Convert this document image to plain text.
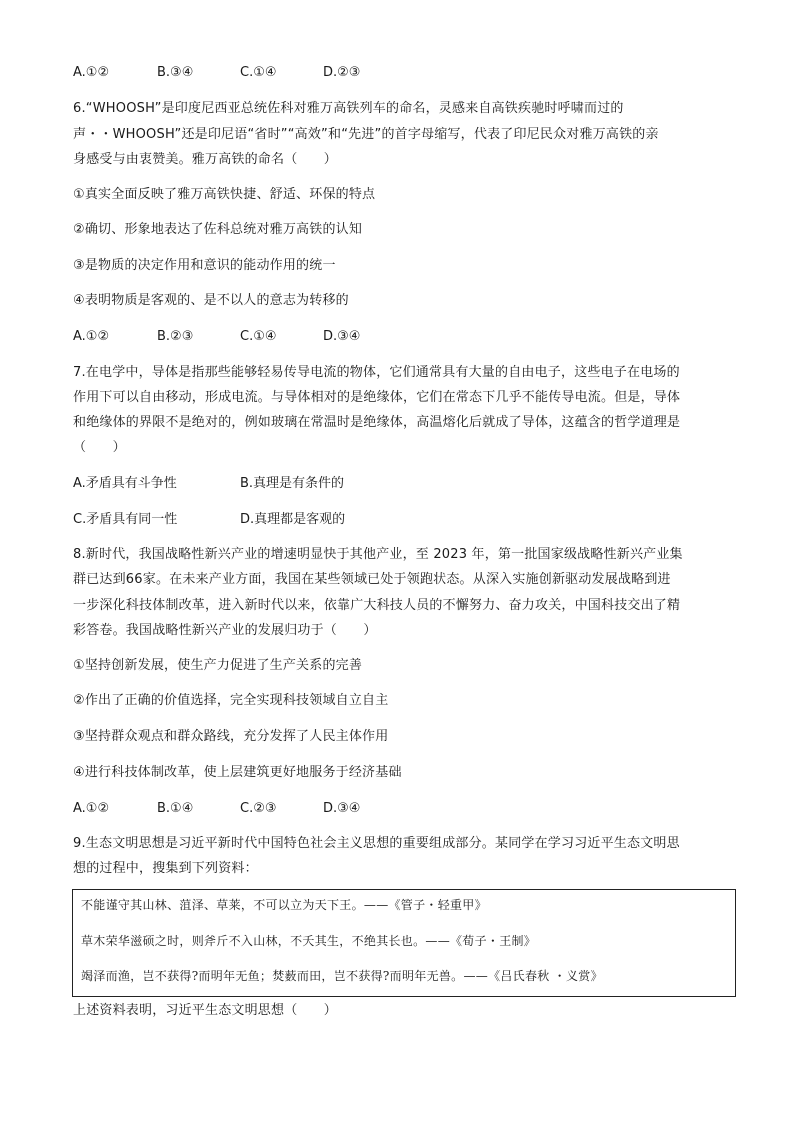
A.①②	B.③④	C.①④	D.②③

6.“WHOOSH”是印度尼西亚总统佐科对雅万高铁列车的命名，灵感来自高铁疾驰时呼啸而过的

声・・WHOOSH”还是印尼语“省时”“高效”和“先进”的首字母缩写，代表了印尼民众对雅万高铁的亲

身感受与由衷赞美。雅万高铁的命名（　　）

①真实全面反映了雅万高铁快捷、舒适、环保的特点

②确切、形象地表达了佐科总统对雅万高铁的认知

③是物质的决定作用和意识的能动作用的统一

④表明物质是客观的、是不以人的意志为转移的

A.①②	B.②③	C.①④	D.③④

7.在电学中，导体是指那些能够轻易传导电流的物体，它们通常具有大量的自由电子，这些电子在电场的

作用下可以自由移动，形成电流。与导体相对的是绝缘体，它们在常态下几乎不能传导电流。但是，导体

和绝缘体的界限不是绝对的，例如玻璃在常温时是绝缘体，高温熔化后就成了导体，这蕴含的哲学道理是

（　　）

A.矛盾具有斗争性	B.真理是有条件的
C.矛盾具有同一性	D.真理都是客观的

8.新时代，我国战略性新兴产业的增速明显快于其他产业，至 2023 年，第一批国家级战略性新兴产业集

群已达到66家。在未来产业方面，我国在某些领域已处于领跑状态。从深入实施创新驱动发展战略到进

一步深化科技体制改革，进入新时代以来，依靠广大科技人员的不懈努力、奋力攻关，中国科技交出了精

彩答卷。我国战略性新兴产业的发展归功于（　　）

①坚持创新发展，使生产力促进了生产关系的完善

②作出了正确的价值选择，完全实现科技领域自立自主

③坚持群众观点和群众路线，充分发挥了人民主体作用

④进行科技体制改革，使上层建筑更好地服务于经济基础

A.①②	B.①④	C.②③	D.③④

9.生态文明思想是习近平新时代中国特色社会主义思想的重要组成部分。某同学在学习习近平生态文明思

想的过程中，搜集到下列资料：

不能谨守其山林、菹泽、草莱，不可以立为天下王。——《管子・轻重甲》
草木荣华滋硕之时，则斧斤不入山林，不夭其生，不绝其长也。——《荀子・王制》
竭泽而渔，岂不获得?而明年无鱼；焚薮而田，岂不获得?而明年无兽。——《吕氏春秋 ・义赏》

上述资料表明，习近平生态文明思想（　　）
